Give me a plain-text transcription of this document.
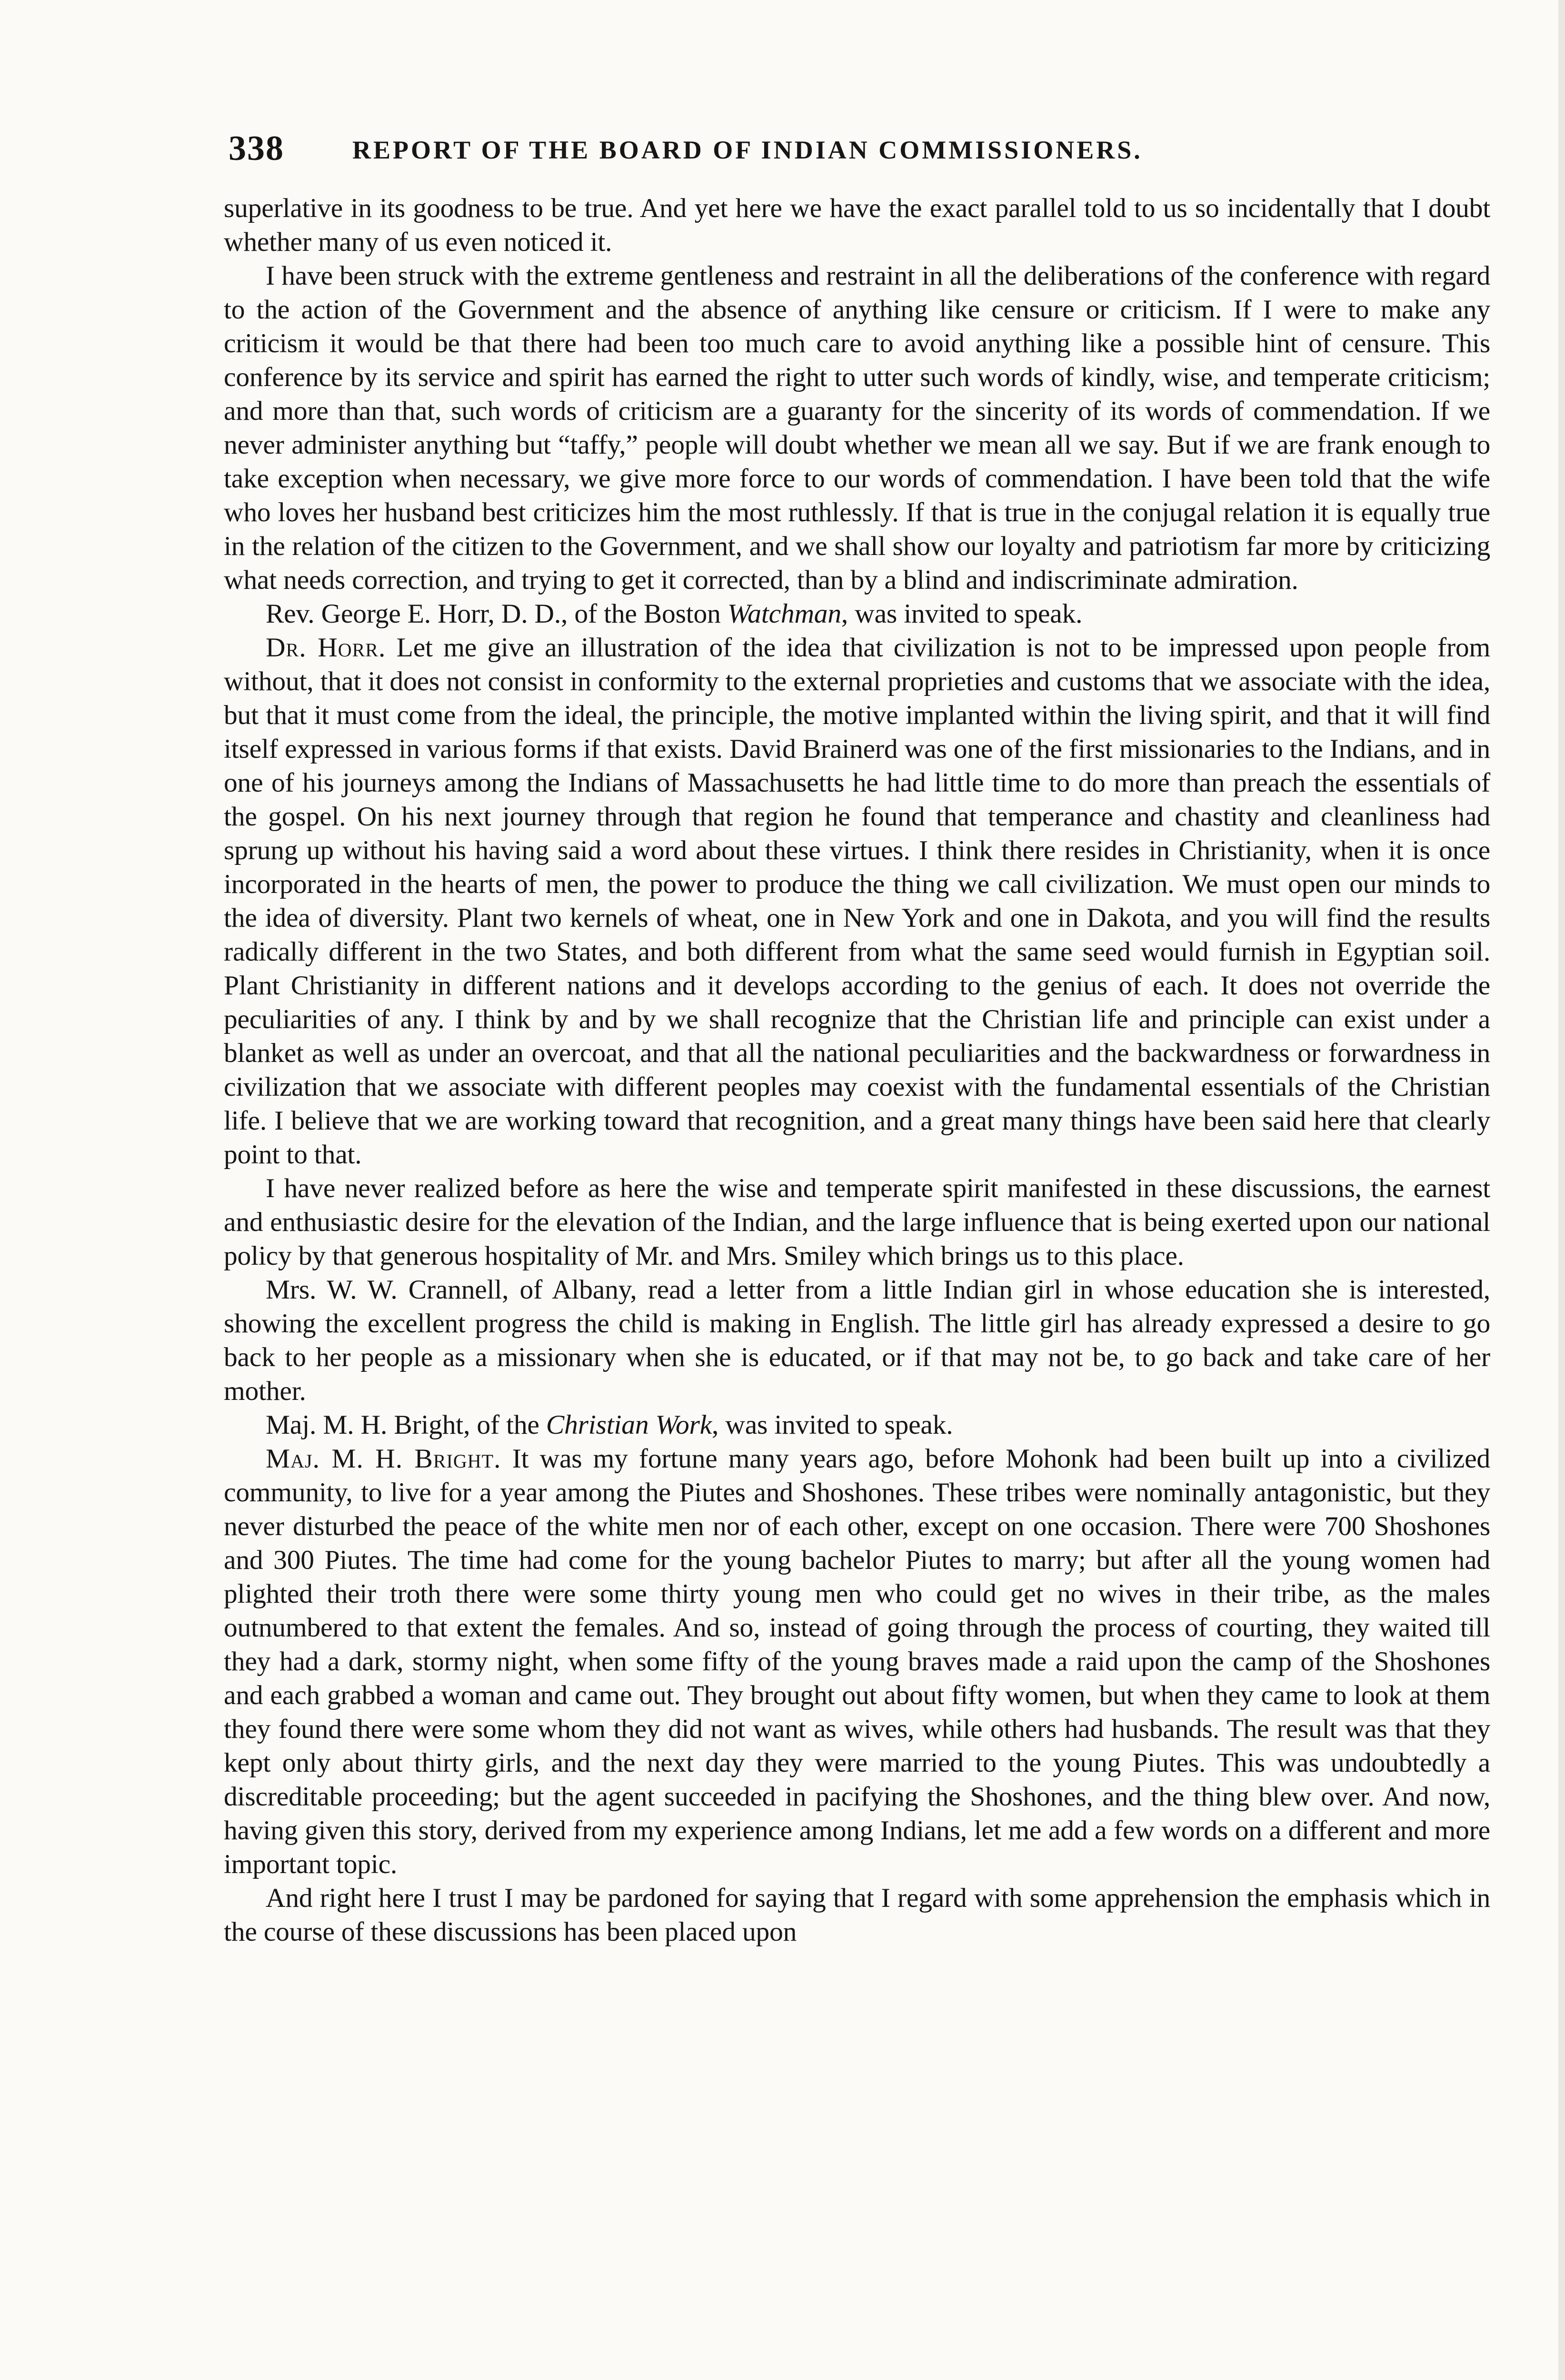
338	REPORT OF THE BOARD OF INDIAN COMMISSIONERS.

superlative in its goodness to be true. And yet here we have the exact parallel told to us so incidentally that I doubt whether many of us even noticed it.

I have been struck with the extreme gentleness and restraint in all the deliberations of the conference with regard to the action of the Government and the absence of anything like censure or criticism. If I were to make any criticism it would be that there had been too much care to avoid anything like a possible hint of censure. This conference by its service and spirit has earned the right to utter such words of kindly, wise, and temperate criticism; and more than that, such words of criticism are a guaranty for the sincerity of its words of commendation. If we never administer anything but “taffy,” people will doubt whether we mean all we say. But if we are frank enough to take exception when necessary, we give more force to our words of commendation. I have been told that the wife who loves her husband best criticizes him the most ruthlessly. If that is true in the conjugal relation it is equally true in the relation of the citizen to the Government, and we shall show our loyalty and patriotism far more by criticizing what needs correction, and trying to get it corrected, than by a blind and indiscriminate admiration.

Rev. George E. Horr, D. D., of the Boston Watchman, was invited to speak.

Dr. Horr. Let me give an illustration of the idea that civilization is not to be impressed upon people from without, that it does not consist in conformity to the external proprieties and customs that we associate with the idea, but that it must come from the ideal, the principle, the motive implanted within the living spirit, and that it will find itself expressed in various forms if that exists. David Brainerd was one of the first missionaries to the Indians, and in one of his journeys among the Indians of Massachusetts he had little time to do more than preach the essentials of the gospel. On his next journey through that region he found that temperance and chastity and cleanliness had sprung up without his having said a word about these virtues. I think there resides in Christianity, when it is once incorporated in the hearts of men, the power to produce the thing we call civilization. We must open our minds to the idea of diversity. Plant two kernels of wheat, one in New York and one in Dakota, and you will find the results radically different in the two States, and both different from what the same seed would furnish in Egyptian soil. Plant Christianity in different nations and it develops according to the genius of each. It does not override the peculiarities of any. I think by and by we shall recognize that the Christian life and principle can exist under a blanket as well as under an overcoat, and that all the national peculiarities and the backwardness or forwardness in civilization that we associate with different peoples may coexist with the fundamental essentials of the Christian life. I believe that we are working toward that recognition, and a great many things have been said here that clearly point to that.

I have never realized before as here the wise and temperate spirit manifested in these discussions, the earnest and enthusiastic desire for the elevation of the Indian, and the large influence that is being exerted upon our national policy by that generous hospitality of Mr. and Mrs. Smiley which brings us to this place.

Mrs. W. W. Crannell, of Albany, read a letter from a little Indian girl in whose education she is interested, showing the excellent progress the child is making in English. The little girl has already expressed a desire to go back to her people as a missionary when she is educated, or if that may not be, to go back and take care of her mother.

Maj. M. H. Bright, of the Christian Work, was invited to speak.

Maj. M. H. Bright. It was my fortune many years ago, before Mohonk had been built up into a civilized community, to live for a year among the Piutes and Shoshones. These tribes were nominally antagonistic, but they never disturbed the peace of the white men nor of each other, except on one occasion. There were 700 Shoshones and 300 Piutes. The time had come for the young bachelor Piutes to marry; but after all the young women had plighted their troth there were some thirty young men who could get no wives in their tribe, as the males outnumbered to that extent the females. And so, instead of going through the process of courting, they waited till they had a dark, stormy night, when some fifty of the young braves made a raid upon the camp of the Shoshones and each grabbed a woman and came out. They brought out about fifty women, but when they came to look at them they found there were some whom they did not want as wives, while others had husbands. The result was that they kept only about thirty girls, and the next day they were married to the young Piutes. This was undoubtedly a discreditable proceeding; but the agent succeeded in pacifying the Shoshones, and the thing blew over. And now, having given this story, derived from my experience among Indians, let me add a few words on a different and more important topic.

And right here I trust I may be pardoned for saying that I regard with some apprehension the emphasis which in the course of these discussions has been placed upon
